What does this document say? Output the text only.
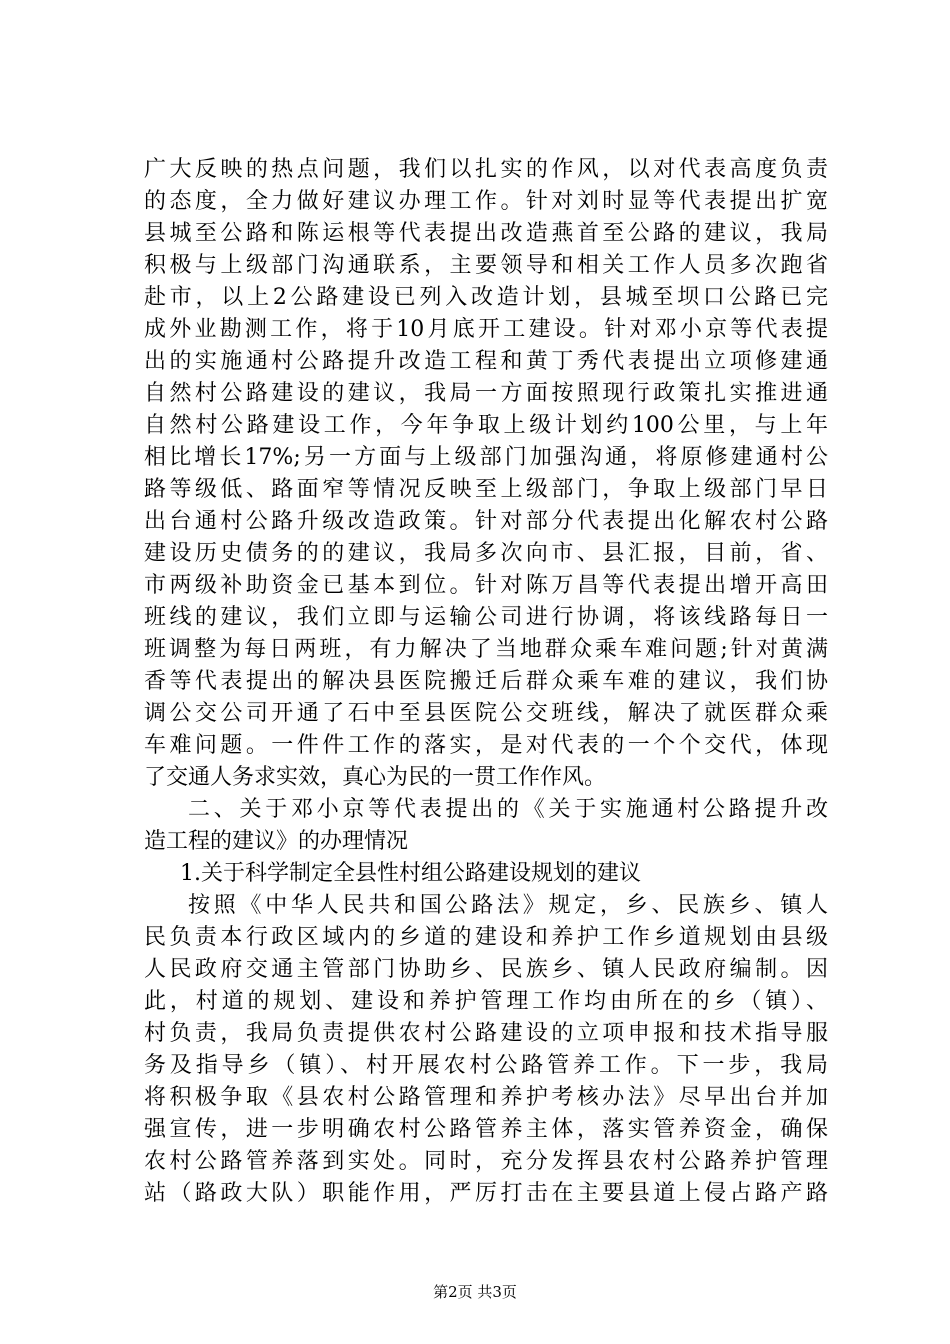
广大反映的热点问题，我们以扎实的作风，以对代表高度负责
的态度，全力做好建议办理工作。针对刘时显等代表提出扩宽
县城至公路和陈运根等代表提出改造燕首至公路的建议，我局
积极与上级部门沟通联系，主要领导和相关工作人员多次跑省
赴市，以上2公路建设已列入改造计划，县城至坝口公路已完
成外业勘测工作，将于10月底开工建设。针对邓小京等代表提
出的实施通村公路提升改造工程和黄丁秀代表提出立项修建通
自然村公路建设的建议，我局一方面按照现行政策扎实推进通
自然村公路建设工作，今年争取上级计划约100公里，与上年
相比增长17%;另一方面与上级部门加强沟通，将原修建通村公
路等级低、路面窄等情况反映至上级部门，争取上级部门早日
出台通村公路升级改造政策。针对部分代表提出化解农村公路
建设历史债务的的建议，我局多次向市、县汇报，目前，省、
市两级补助资金已基本到位。针对陈万昌等代表提出增开高田
班线的建议，我们立即与运输公司进行协调，将该线路每日一
班调整为每日两班，有力解决了当地群众乘车难问题;针对黄满
香等代表提出的解决县医院搬迁后群众乘车难的建议，我们协
调公交公司开通了石中至县医院公交班线，解决了就医群众乘
车难问题。一件件工作的落实，是对代表的一个个交代，体现
了交通人务求实效，真心为民的一贯工作作风。
二、关于邓小京等代表提出的《关于实施通村公路提升改
造工程的建议》的办理情况
1.关于科学制定全县性村组公路建设规划的建议
按照《中华人民共和国公路法》规定，乡、民族乡、镇人
民负责本行政区域内的乡道的建设和养护工作乡道规划由县级
人民政府交通主管部门协助乡、民族乡、镇人民政府编制。因
此，村道的规划、建设和养护管理工作均由所在的乡（镇）、
村负责，我局负责提供农村公路建设的立项申报和技术指导服
务及指导乡（镇）、村开展农村公路管养工作。下一步，我局
将积极争取《县农村公路管理和养护考核办法》尽早出台并加
强宣传，进一步明确农村公路管养主体，落实管养资金，确保
农村公路管养落到实处。同时，充分发挥县农村公路养护管理
站（路政大队）职能作用，严厉打击在主要县道上侵占路产路
第2页 共3页
